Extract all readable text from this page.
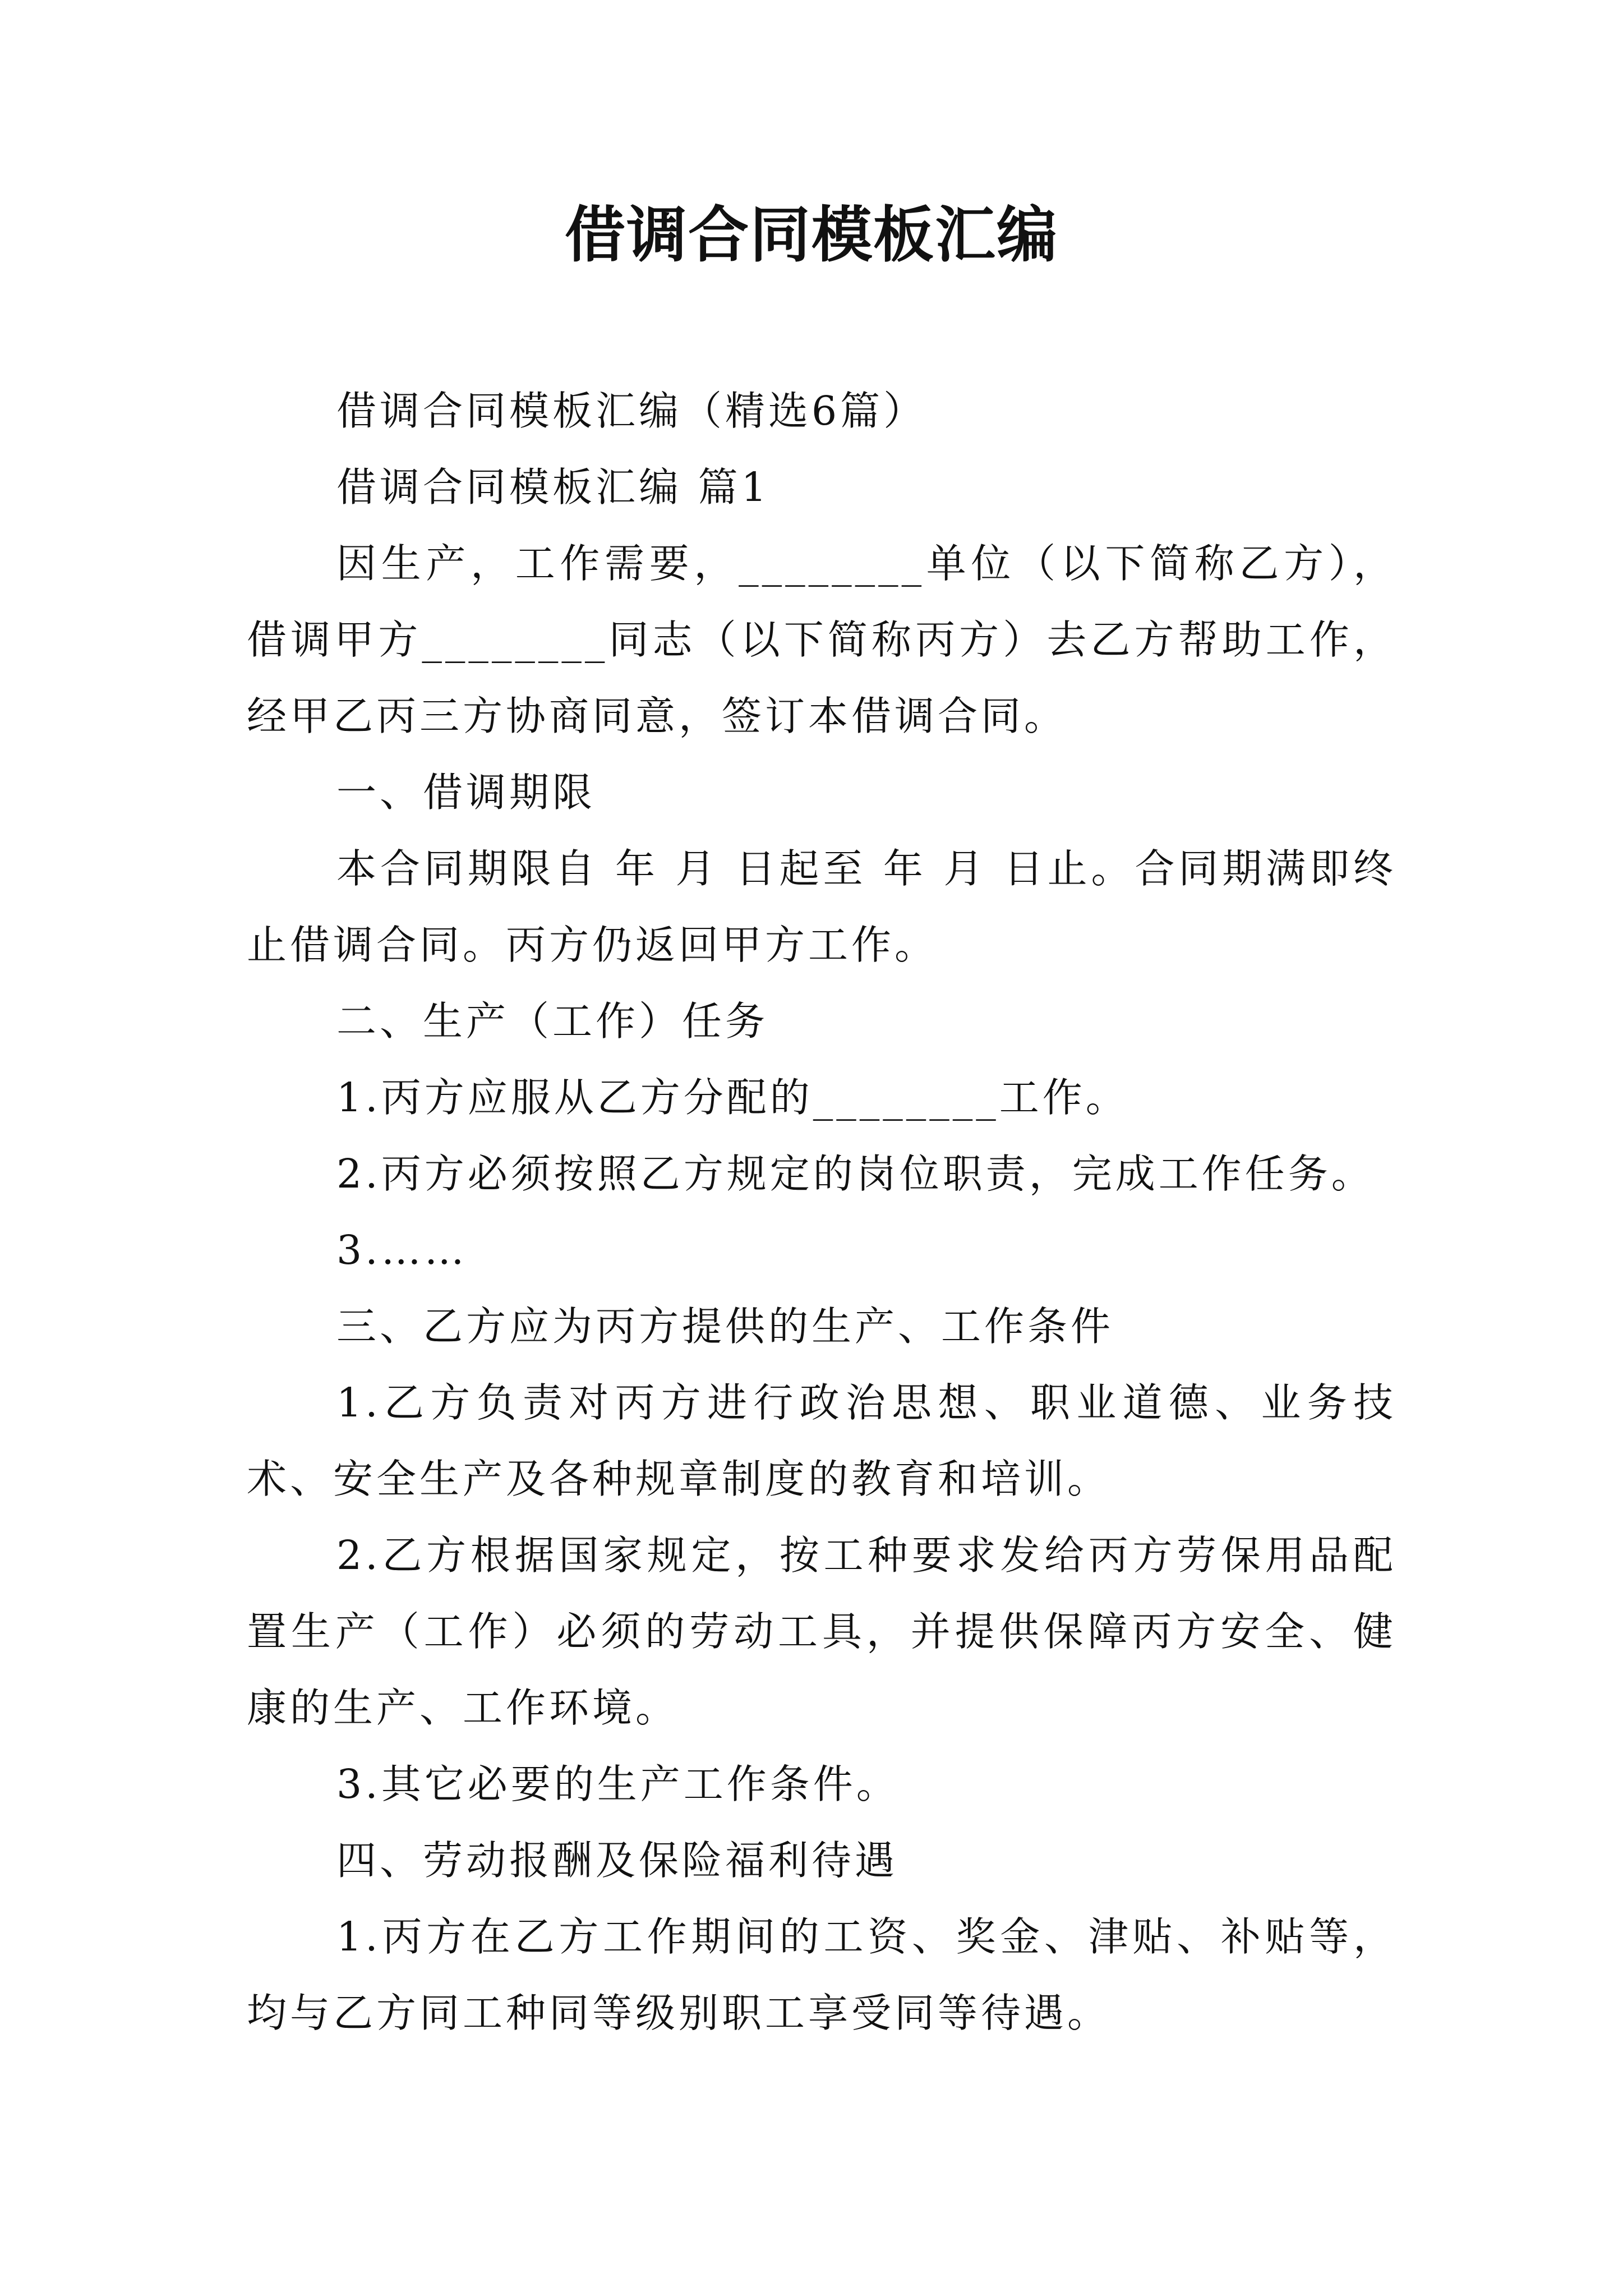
借调合同模板汇编

借调合同模板汇编（精选6篇）

借调合同模板汇编 篇1

因生产，工作需要，________单位（以下简称乙方），借调甲方________同志（以下简称丙方）去乙方帮助工作，经甲乙丙三方协商同意，签订本借调合同。

一、借调期限

本合同期限自 年 月 日起至 年 月 日止。合同期满即终止借调合同。丙方仍返回甲方工作。

二、生产（工作）任务

1.丙方应服从乙方分配的________工作。

2.丙方必须按照乙方规定的岗位职责，完成工作任务。

3.……

三、乙方应为丙方提供的生产、工作条件

1.乙方负责对丙方进行政治思想、职业道德、业务技术、安全生产及各种规章制度的教育和培训。

2.乙方根据国家规定，按工种要求发给丙方劳保用品配置生产（工作）必须的劳动工具，并提供保障丙方安全、健康的生产、工作环境。

3.其它必要的生产工作条件。

四、劳动报酬及保险福利待遇

1.丙方在乙方工作期间的工资、奖金、津贴、补贴等，均与乙方同工种同等级别职工享受同等待遇。
